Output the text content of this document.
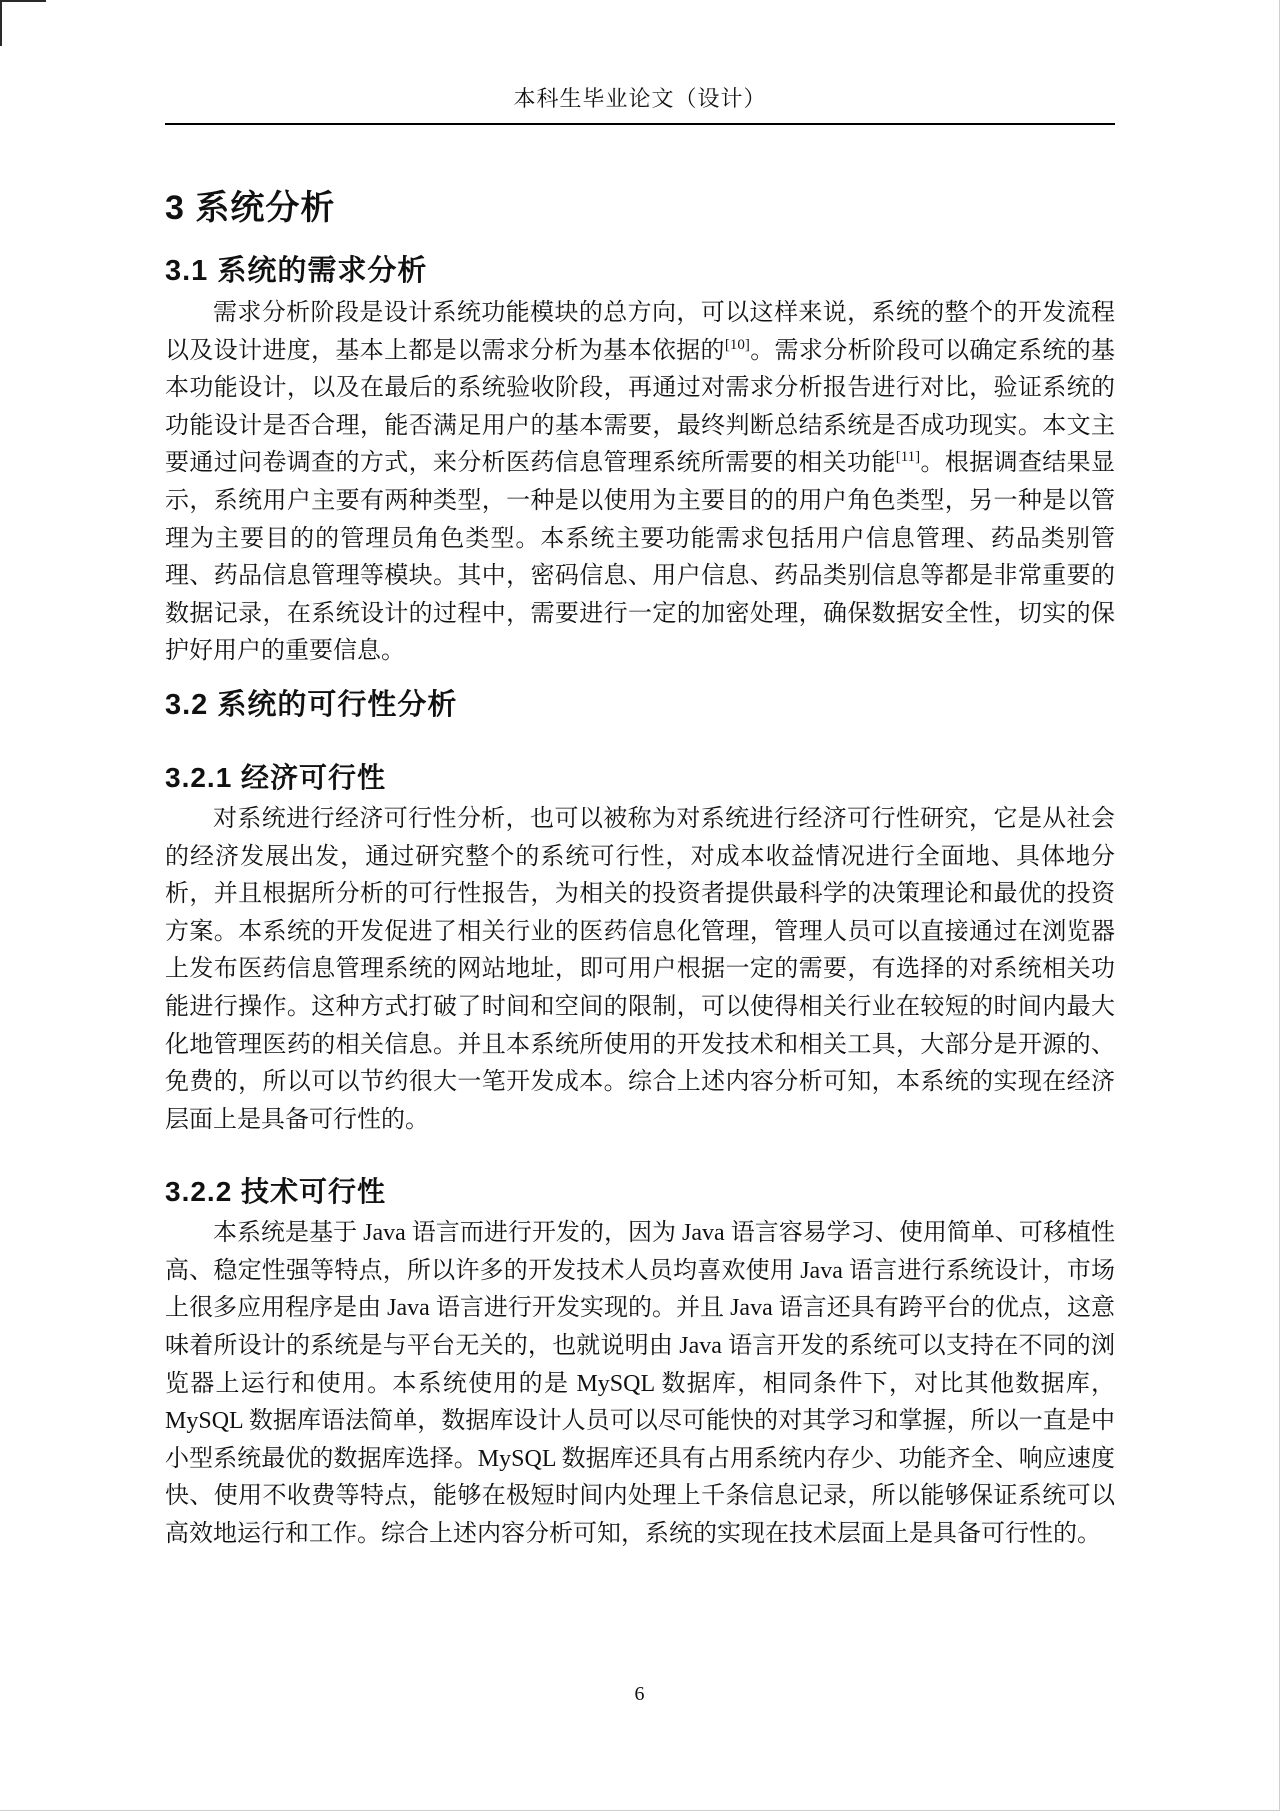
本科生毕业论文（设计）
3 系统分析
3.1 系统的需求分析

需求分析阶段是设计系统功能模块的总方向，可以这样来说，系统的整个的开发流程以及设计进度，基本上都是以需求分析为基本依据的[10]。需求分析阶段可以确定系统的基本功能设计，以及在最后的系统验收阶段，再通过对需求分析报告进行对比，验证系统的功能设计是否合理，能否满足用户的基本需要，最终判断总结系统是否成功现实。本文主要通过问卷调查的方式，来分析医药信息管理系统所需要的相关功能[11]。根据调查结果显示，系统用户主要有两种类型，一种是以使用为主要目的的用户角色类型，另一种是以管理为主要目的的管理员角色类型。本系统主要功能需求包括用户信息管理、药品类别管理、药品信息管理等模块。其中，密码信息、用户信息、药品类别信息等都是非常重要的数据记录，在系统设计的过程中，需要进行一定的加密处理，确保数据安全性，切实的保护好用户的重要信息。

3.2 系统的可行性分析
3.2.1 经济可行性

对系统进行经济可行性分析，也可以被称为对系统进行经济可行性研究，它是从社会的经济发展出发，通过研究整个的系统可行性，对成本收益情况进行全面地、具体地分析，并且根据所分析的可行性报告，为相关的投资者提供最科学的决策理论和最优的投资方案。本系统的开发促进了相关行业的医药信息化管理，管理人员可以直接通过在浏览器上发布医药信息管理系统的网站地址，即可用户根据一定的需要，有选择的对系统相关功能进行操作。这种方式打破了时间和空间的限制，可以使得相关行业在较短的时间内最大化地管理医药的相关信息。并且本系统所使用的开发技术和相关工具，大部分是开源的、免费的，所以可以节约很大一笔开发成本。综合上述内容分析可知，本系统的实现在经济层面上是具备可行性的。

3.2.2 技术可行性

本系统是基于 Java 语言而进行开发的，因为 Java 语言容易学习、使用简单、可移植性高、稳定性强等特点，所以许多的开发技术人员均喜欢使用 Java 语言进行系统设计，市场上很多应用程序是由 Java 语言进行开发实现的。并且 Java 语言还具有跨平台的优点，这意味着所设计的系统是与平台无关的，也就说明由 Java 语言开发的系统可以支持在不同的浏览器上运行和使用。本系统使用的是 MySQL 数据库，相同条件下，对比其他数据库，MySQL 数据库语法简单，数据库设计人员可以尽可能快的对其学习和掌握，所以一直是中小型系统最优的数据库选择。MySQL 数据库还具有占用系统内存少、功能齐全、响应速度快、使用不收费等特点，能够在极短时间内处理上千条信息记录，所以能够保证系统可以高效地运行和工作。综合上述内容分析可知，系统的实现在技术层面上是具备可行性的。

6
